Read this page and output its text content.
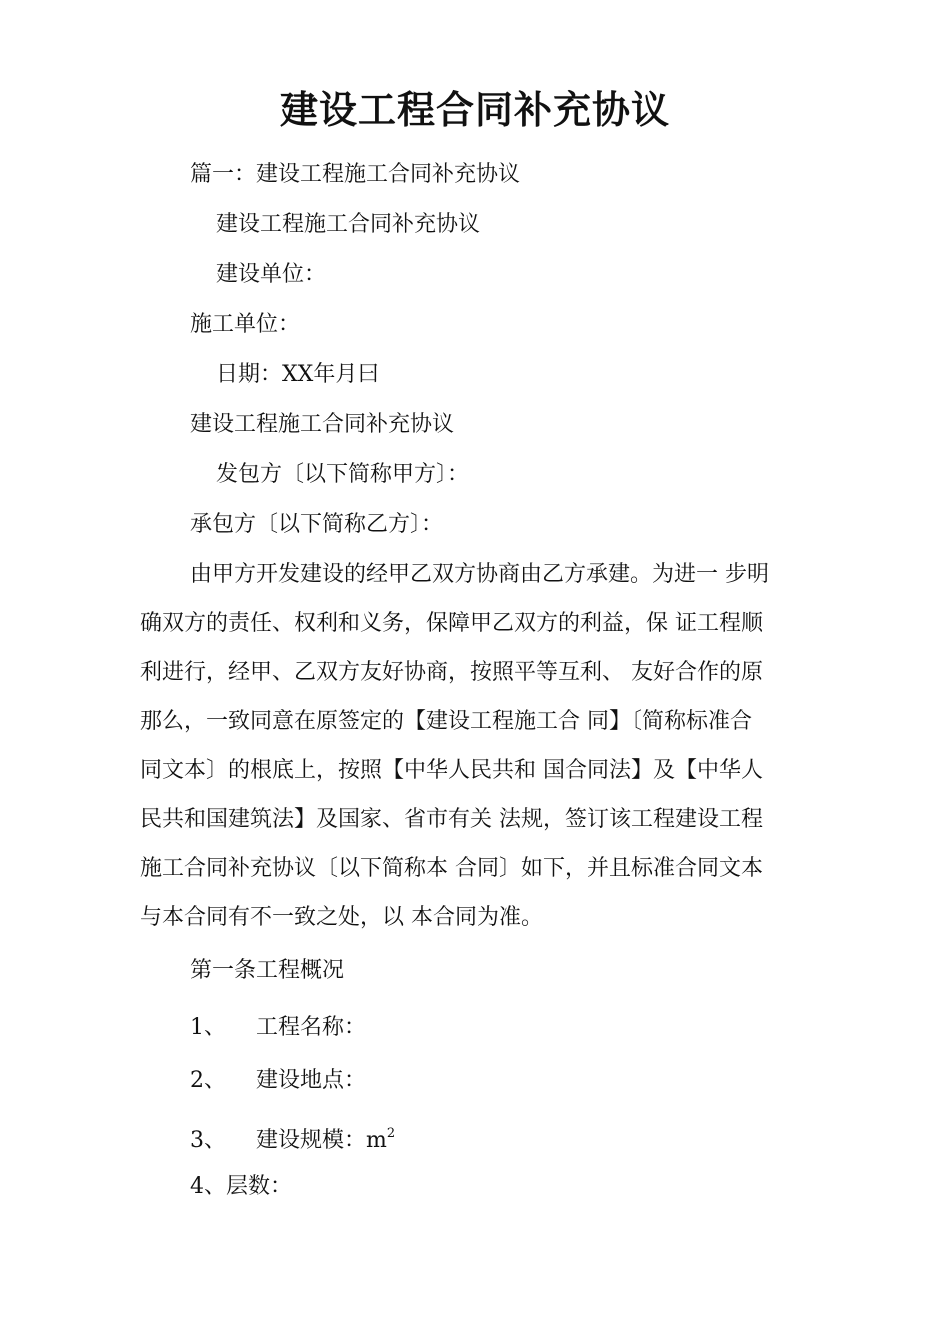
建设工程合同补充协议
篇一：建设工程施工合同补充协议
建设工程施工合同补充协议
建设单位：
施工单位：
日期：XX年月曰
建设工程施工合同补充协议
发包方〔以下简称甲方〕：
承包方〔以下简称乙方〕：
由甲方开发建设的经甲乙双方协商由乙方承建。为进一 步明
确双方的责任、权利和义务，保障甲乙双方的利益，保 证工程顺
利进行，经甲、乙双方友好协商，按照平等互利、 友好合作的原
那么，一致同意在原签定的【建设工程施工合 同】〔简称标准合
同文本〕的根底上，按照【中华人民共和 国合同法】及【中华人
民共和国建筑法】及国家、省市有关 法规，签订该工程建设工程
施工合同补充协议〔以下简称本 合同〕如下，并且标准合同文本
与本合同有不一致之处，以 本合同为准。
第一条工程概况
1、 工程名称：
2、 建设地点：
3、 建设规模：$m^2$
4、层数：
